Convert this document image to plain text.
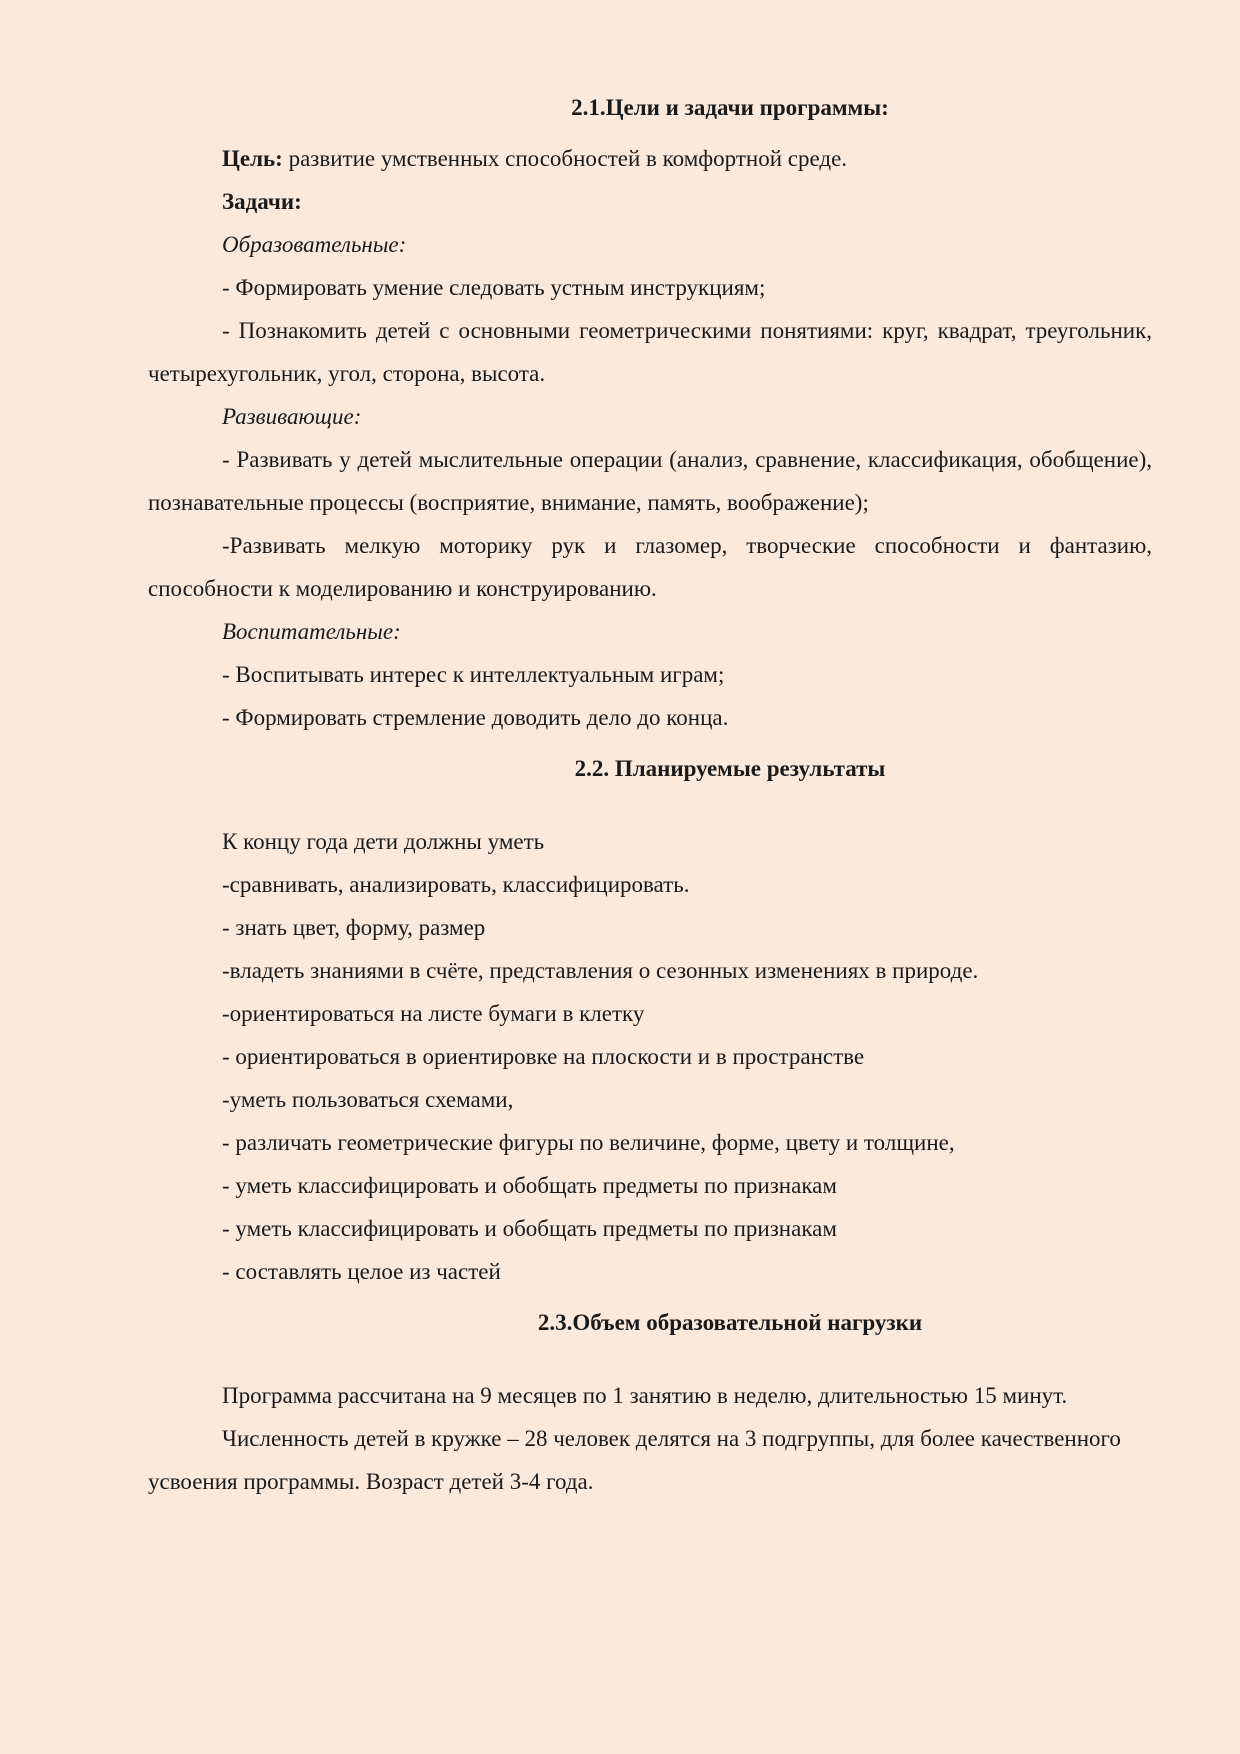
2.1.Цели и задачи программы:

Цель: развитие умственных способностей в комфортной среде.

Задачи:

Образовательные:

- Формировать умение следовать устным инструкциям;

- Познакомить детей с основными геометрическими понятиями: круг, квадрат, треугольник, четырехугольник, угол, сторона, высота.

Развивающие:

- Развивать у детей мыслительные операции (анализ, сравнение, классификация, обобщение), познавательные процессы (восприятие, внимание, память, воображение);

-Развивать мелкую моторику рук и глазомер, творческие способности и фантазию, способности к моделированию и конструированию.

Воспитательные:

- Воспитывать интерес к интеллектуальным играм;

- Формировать стремление доводить дело до конца.

2.2. Планируемые результаты

К концу года дети должны уметь

-сравнивать, анализировать, классифицировать.

- знать цвет, форму, размер

-владеть знаниями в счёте, представления о сезонных изменениях в природе.

-ориентироваться на листе бумаги в клетку

- ориентироваться в ориентировке на плоскости и в пространстве

-уметь пользоваться схемами,

- различать геометрические фигуры по величине, форме, цвету и толщине,

- уметь классифицировать и обобщать предметы по признакам

- уметь классифицировать и обобщать предметы по признакам

- составлять целое из частей

2.3.Объем образовательной нагрузки

Программа рассчитана на 9 месяцев по 1 занятию в неделю, длительностью 15 минут.

Численность детей в кружке – 28 человек делятся на 3 подгруппы, для более качественного усвоения программы. Возраст детей 3-4 года.
